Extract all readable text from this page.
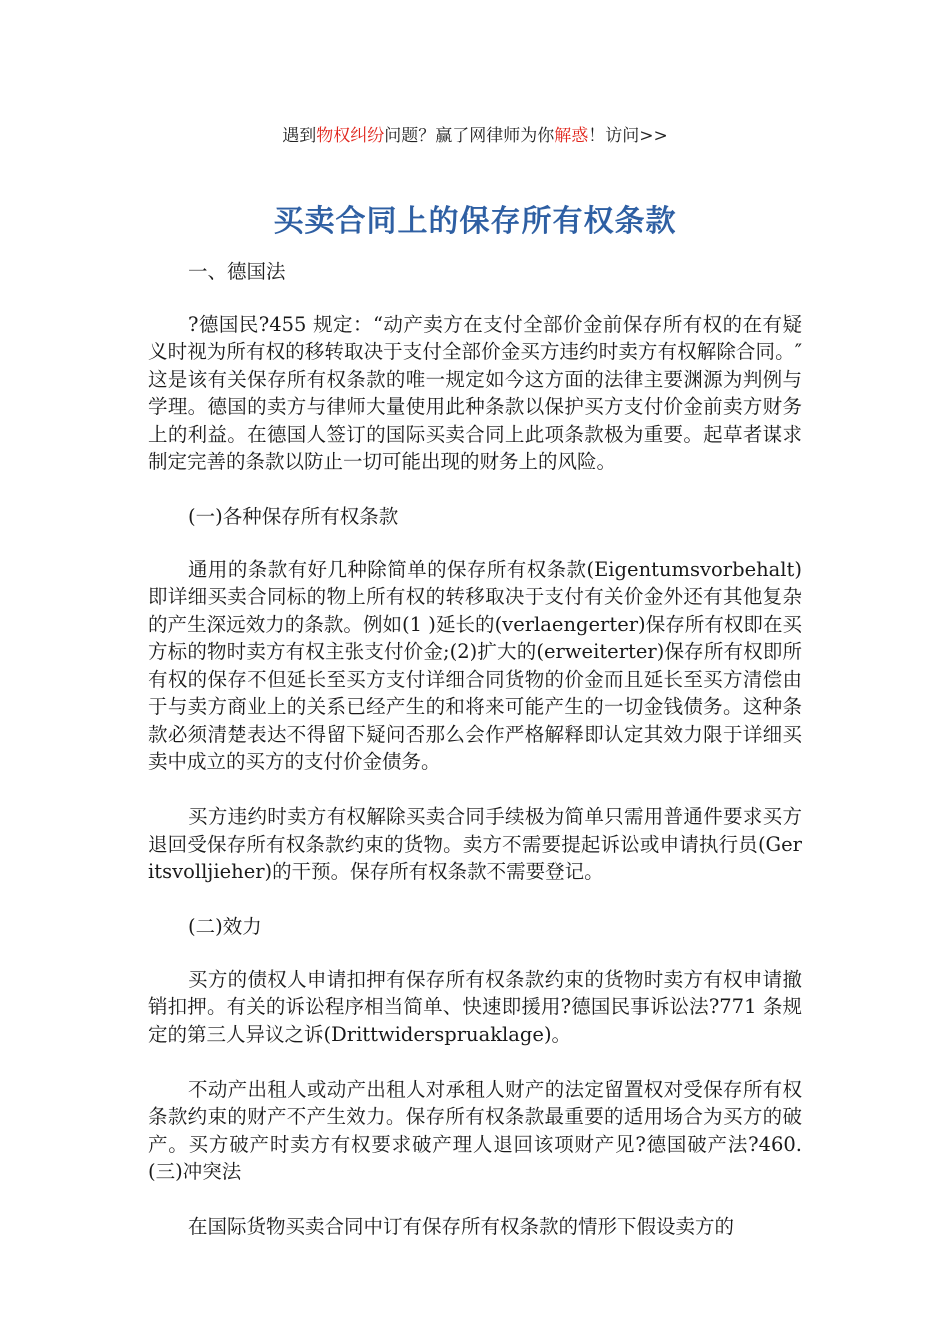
遇到物权纠纷问题？赢了网律师为你解惑！访问>>
买卖合同上的保存所有权条款

一、德国法

?德国民?455 规定：“动产卖方在支付全部价金前保存所有权的在有疑义时视为所有权的移转取决于支付全部价金买方违约时卖方有权解除合同。″这是该有关保存所有权条款的唯一规定如今这方面的法律主要渊源为判例与学理。德国的卖方与律师大量使用此种条款以保护买方支付价金前卖方财务上的利益。在德国人签订的国际买卖合同上此项条款极为重要。起草者谋求制定完善的条款以防止一切可能出现的财务上的风险。

(一)各种保存所有权条款

通用的条款有好几种除简单的保存所有权条款(Eigentumsvorbehalt)即详细买卖合同标的物上所有权的转移取决于支付有关价金外还有其他复杂的产生深远效力的条款。例如(1 )延长的(verlaengerter)保存所有权即在买方标的物时卖方有权主张支付价金;(2)扩大的(erweiterter)保存所有权即所有权的保存不但延长至买方支付详细合同货物的价金而且延长至买方清偿由于与卖方商业上的关系已经产生的和将来可能产生的一切金钱债务。这种条款必须清楚表达不得留下疑问否那么会作严格解释即认定其效力限于详细买卖中成立的买方的支付价金债务。

买方违约时卖方有权解除买卖合同手续极为简单只需用普通件要求买方退回受保存所有权条款约束的货物。卖方不需要提起诉讼或申请执行员(Geritsvolljieher)的干预。保存所有权条款不需要登记。

(二)效力

买方的债权人申请扣押有保存所有权条款约束的货物时卖方有权申请撤销扣押。有关的诉讼程序相当简单、快速即援用?德国民事诉讼法?771 条规定的第三人异议之诉(Drittwiderspruaklage)。

不动产出租人或动产出租人对承租人财产的法定留置权对受保存所有权条款约束的财产不产生效力。保存所有权条款最重要的适用场合为买方的破产。买方破产时卖方有权要求破产理人退回该项财产见?德国破产法?460.(三)冲突法

在国际货物买卖合同中订有保存所有权条款的情形下假设卖方的
